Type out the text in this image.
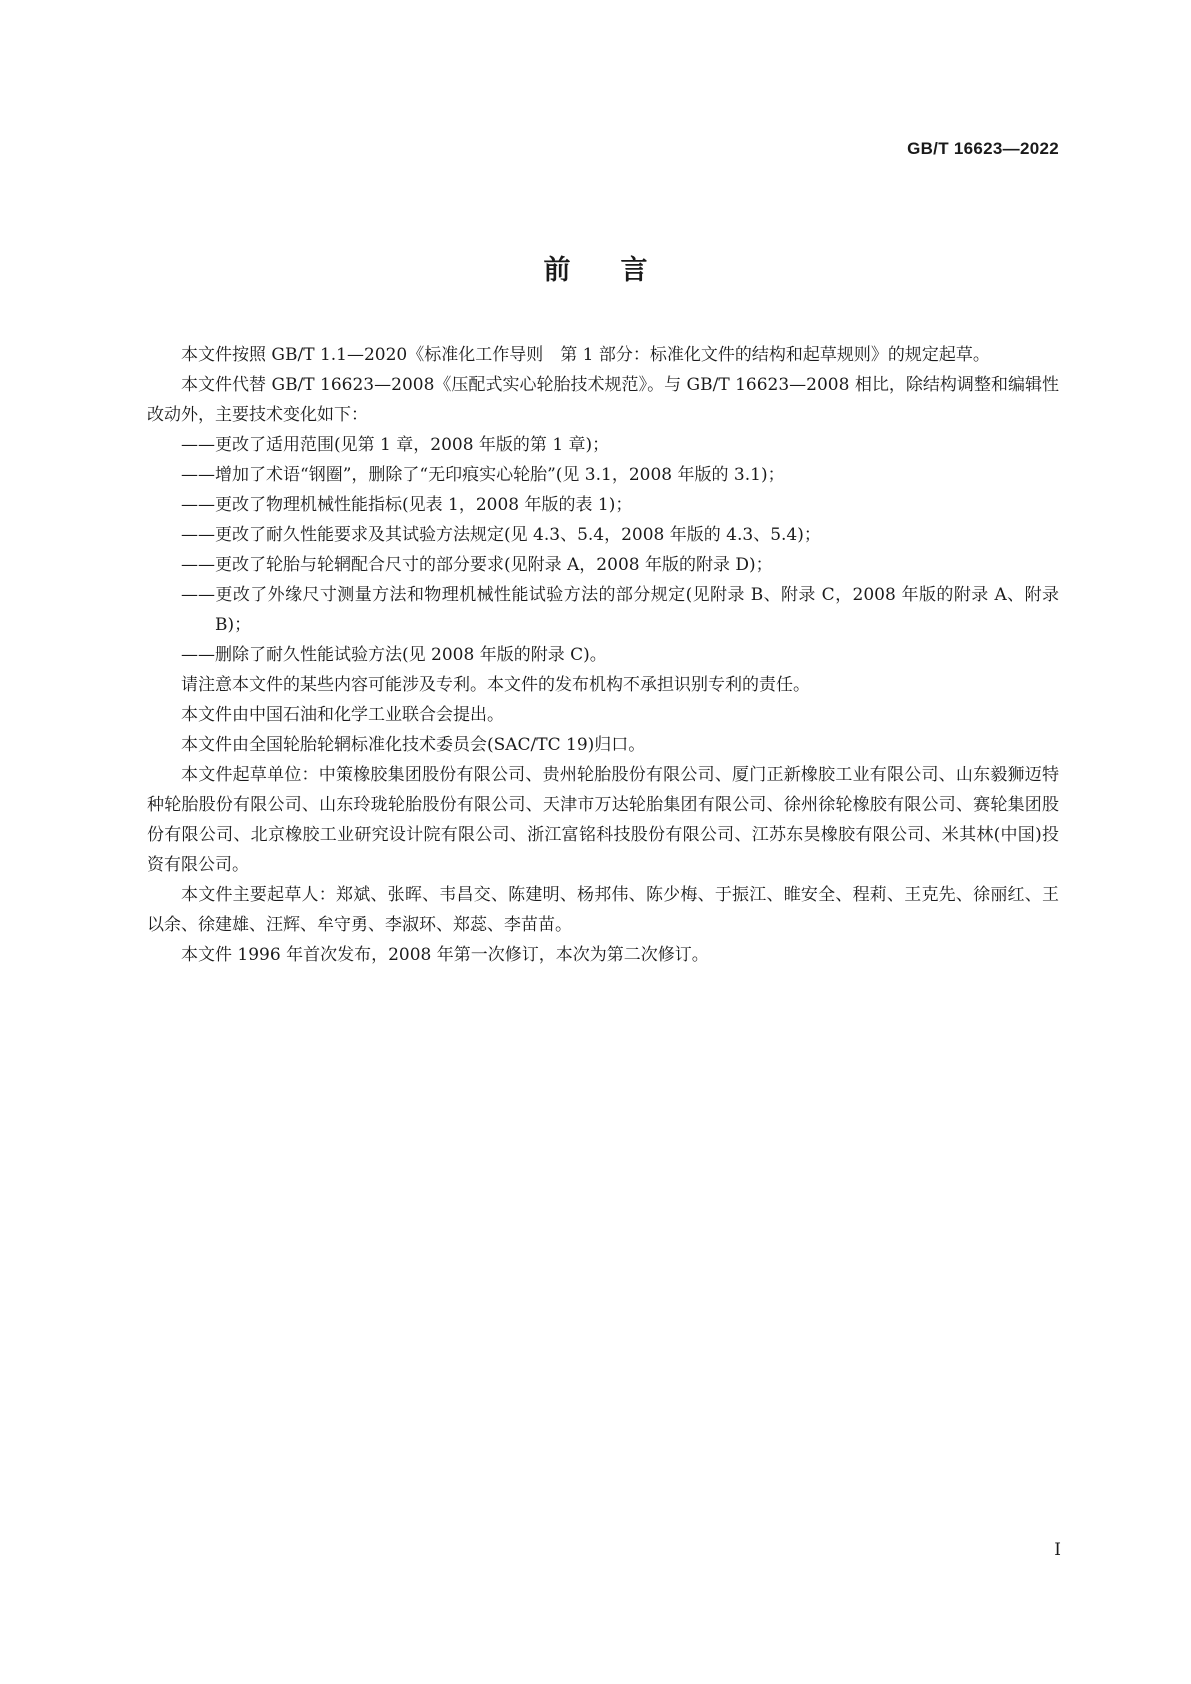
GB/T 16623—2022
前言

本文件按照 GB/T 1.1—2020《标准化工作导则　第 1 部分：标准化文件的结构和起草规则》的规定起草。

本文件代替 GB/T 16623—2008《压配式实心轮胎技术规范》。与 GB/T 16623—2008 相比，除结构调整和编辑性改动外，主要技术变化如下：

——更改了适用范围(见第 1 章，2008 年版的第 1 章)；

——增加了术语“钢圈”，删除了“无印痕实心轮胎”(见 3.1，2008 年版的 3.1)；

——更改了物理机械性能指标(见表 1，2008 年版的表 1)；

——更改了耐久性能要求及其试验方法规定(见 4.3、5.4，2008 年版的 4.3、5.4)；

——更改了轮胎与轮辋配合尺寸的部分要求(见附录 A，2008 年版的附录 D)；

——更改了外缘尺寸测量方法和物理机械性能试验方法的部分规定(见附录 B、附录 C，2008 年版的附录 A、附录 B)；

——删除了耐久性能试验方法(见 2008 年版的附录 C)。

请注意本文件的某些内容可能涉及专利。本文件的发布机构不承担识别专利的责任。

本文件由中国石油和化学工业联合会提出。

本文件由全国轮胎轮辋标准化技术委员会(SAC/TC 19)归口。

本文件起草单位：中策橡胶集团股份有限公司、贵州轮胎股份有限公司、厦门正新橡胶工业有限公司、山东毅狮迈特种轮胎股份有限公司、山东玲珑轮胎股份有限公司、天津市万达轮胎集团有限公司、徐州徐轮橡胶有限公司、赛轮集团股份有限公司、北京橡胶工业研究设计院有限公司、浙江富铭科技股份有限公司、江苏东昊橡胶有限公司、米其林(中国)投资有限公司。

本文件主要起草人：郑斌、张晖、韦昌交、陈建明、杨邦伟、陈少梅、于振江、睢安全、程莉、王克先、徐丽红、王以余、徐建雄、汪辉、牟守勇、李淑环、郑蕊、李苗苗。

本文件 1996 年首次发布，2008 年第一次修订，本次为第二次修订。

I
